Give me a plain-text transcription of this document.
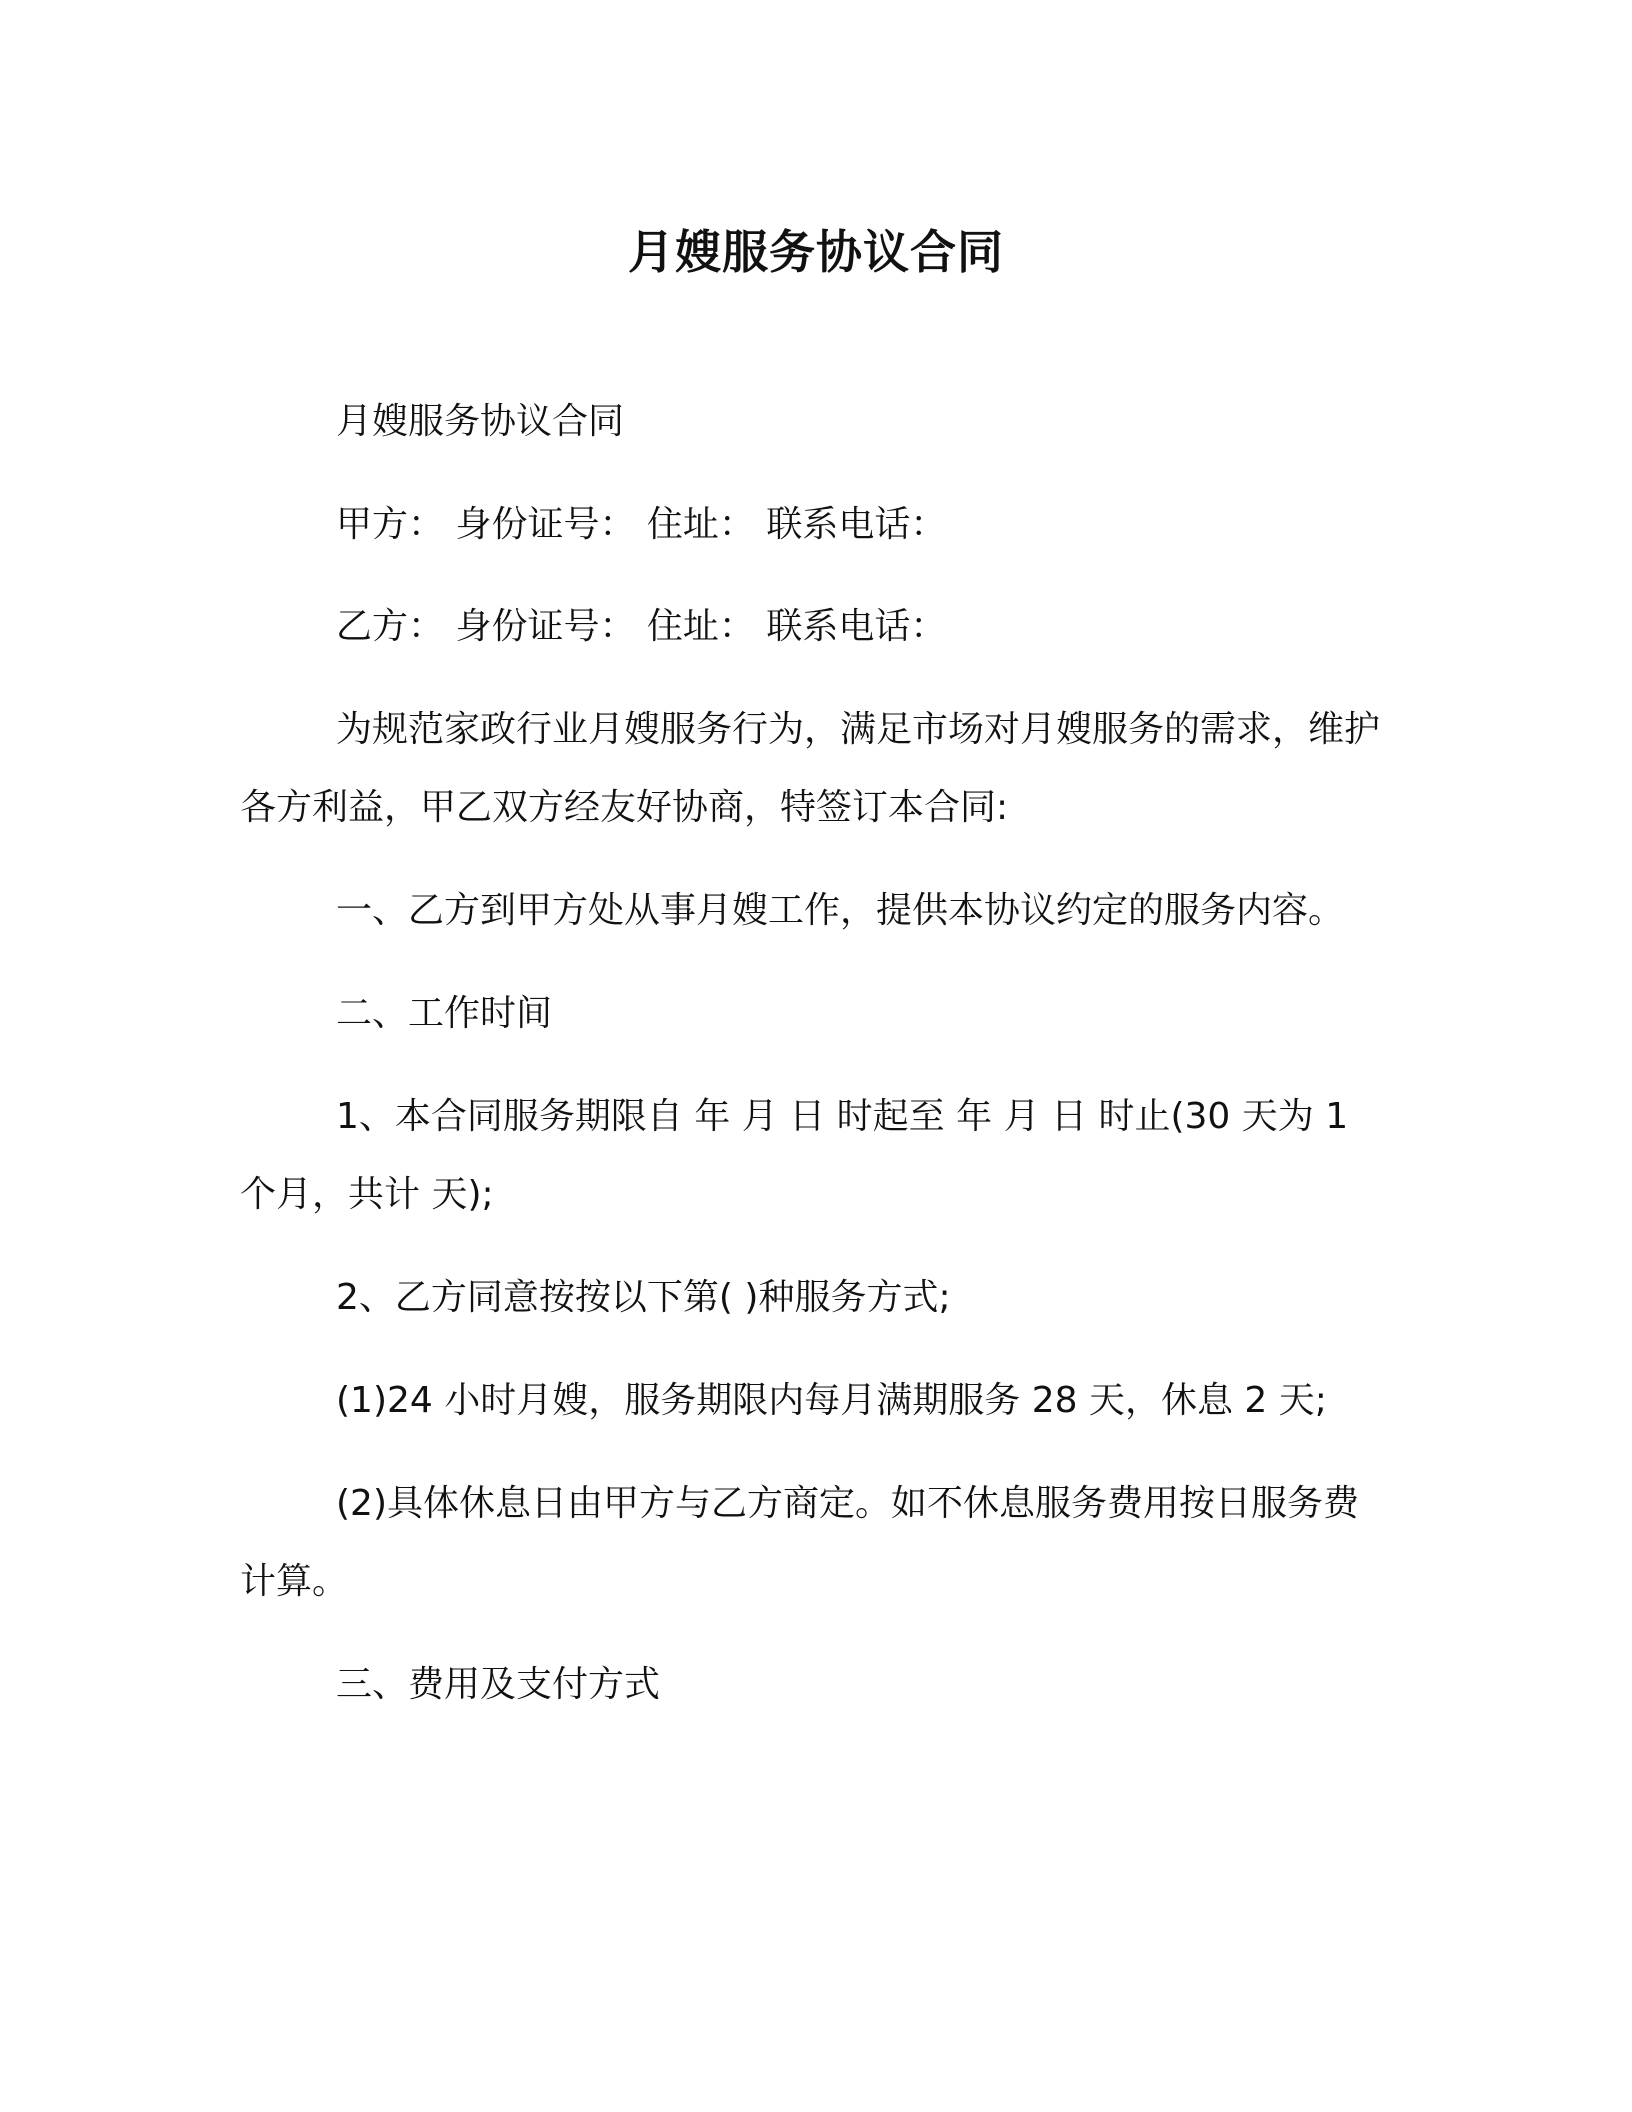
月嫂服务协议合同

月嫂服务协议合同

甲方： 身份证号： 住址： 联系电话：

乙方： 身份证号： 住址： 联系电话：

为规范家政行业月嫂服务行为，满足市场对月嫂服务的需求，维护各方利益，甲乙双方经友好协商，特签订本合同:

一、乙方到甲方处从事月嫂工作，提供本协议约定的服务内容。

二、工作时间

1、本合同服务期限自 年 月 日 时起至 年 月 日 时止(30 天为 1 个月，共计 天);

2、乙方同意按按以下第( )种服务方式;

(1)24 小时月嫂，服务期限内每月满期服务 28 天，休息 2 天;

(2)具体休息日由甲方与乙方商定。如不休息服务费用按日服务费计算。

三、费用及支付方式
